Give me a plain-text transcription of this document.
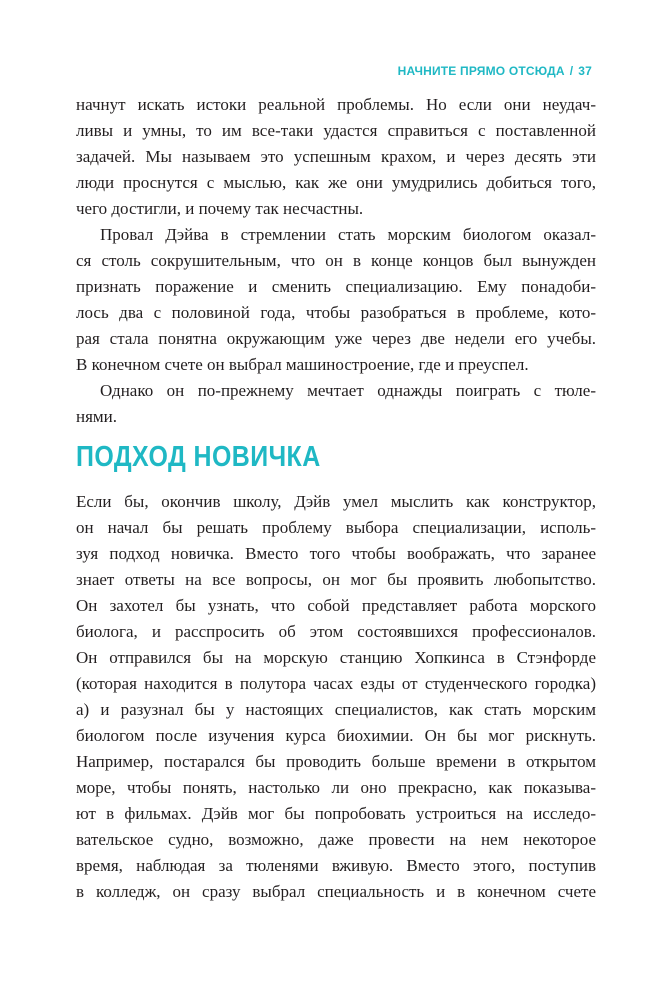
НАЧНИТЕ ПРЯМО ОТСЮДА / 37
начнут искать истоки реальной проблемы. Но если они неудач-
ливы и умны, то им все-таки удастся справиться с поставленной
задачей. Мы называем это успешным крахом, и через десять эти
люди проснутся с мыслью, как же они умудрились добиться того,
чего достигли, и почему так несчастны.
Провал Дэйва в стремлении стать морским биологом оказал-
ся столь сокрушительным, что он в конце концов был вынужден
признать поражение и сменить специализацию. Ему понадоби-
лось два с половиной года, чтобы разобраться в проблеме, кото-
рая стала понятна окружающим уже через две недели его учебы.
В конечном счете он выбрал машиностроение, где и преуспел.
Однако он по-прежнему мечтает однажды поиграть с тюле-
нями.
ПОДХОД НОВИЧКА
Если бы, окончив школу, Дэйв умел мыслить как конструктор,
он начал бы решать проблему выбора специализации, исполь-
зуя подход новичка. Вместо того чтобы воображать, что заранее
знает ответы на все вопросы, он мог бы проявить любопытство.
Он захотел бы узнать, что собой представляет работа морского
биолога, и расспросить об этом состоявшихся профессионалов.
Он отправился бы на морскую станцию Хопкинса в Стэнфорде
(которая находится в полутора часах езды от студенческого городка)
а) и разузнал бы у настоящих специалистов, как стать морским
биологом после изучения курса биохимии. Он бы мог рискнуть.
Например, постарался бы проводить больше времени в открытом
море, чтобы понять, настолько ли оно прекрасно, как показыва-
ют в фильмах. Дэйв мог бы попробовать устроиться на исследо-
вательское судно, возможно, даже провести на нем некоторое
время, наблюдая за тюленями вживую. Вместо этого, поступив
в колледж, он сразу выбрал специальность и в конечном счете
